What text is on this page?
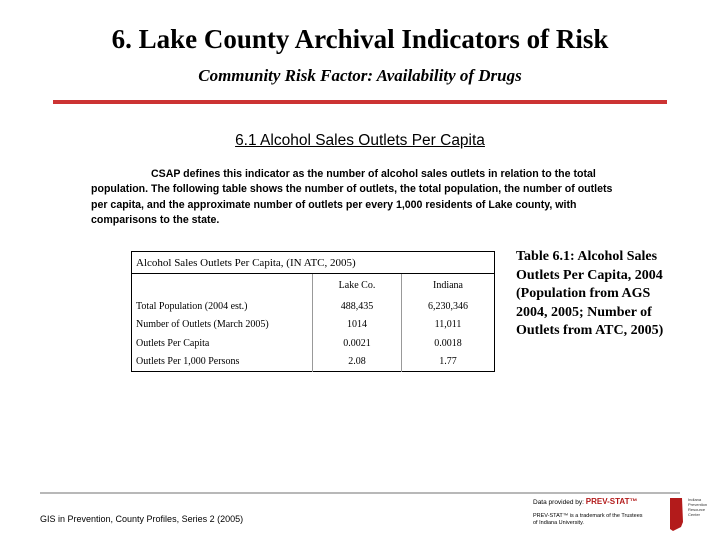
6. Lake County Archival Indicators of Risk
Community Risk Factor: Availability of Drugs
6.1 Alcohol Sales Outlets Per Capita
CSAP defines this indicator as the number of alcohol sales outlets in relation to the total population. The following table shows the number of outlets, the total population, the number of outlets per capita, and the approximate number of outlets per every 1,000 residents of Lake county, with comparisons to the state.
Alcohol Sales Outlets Per Capita, (IN ATC, 2005)		
	Lake Co.	Indiana
Total Population (2004 est.)	488,435	6,230,346
Number of Outlets (March 2005)	1014	11,011
Outlets Per Capita	0.0021	0.0018
Outlets Per 1,000 Persons	2.08	1.77
Table 6.1: Alcohol Sales Outlets Per Capita, 2004 (Population from AGS 2004, 2005; Number of Outlets from ATC, 2005)
GIS in Prevention, County Profiles, Series 2 (2005)
Data provided by: PREV-STAT™
PREV-STAT™ is a trademark of the Trustees of Indiana University.
Indiana Prevention Resource Center
